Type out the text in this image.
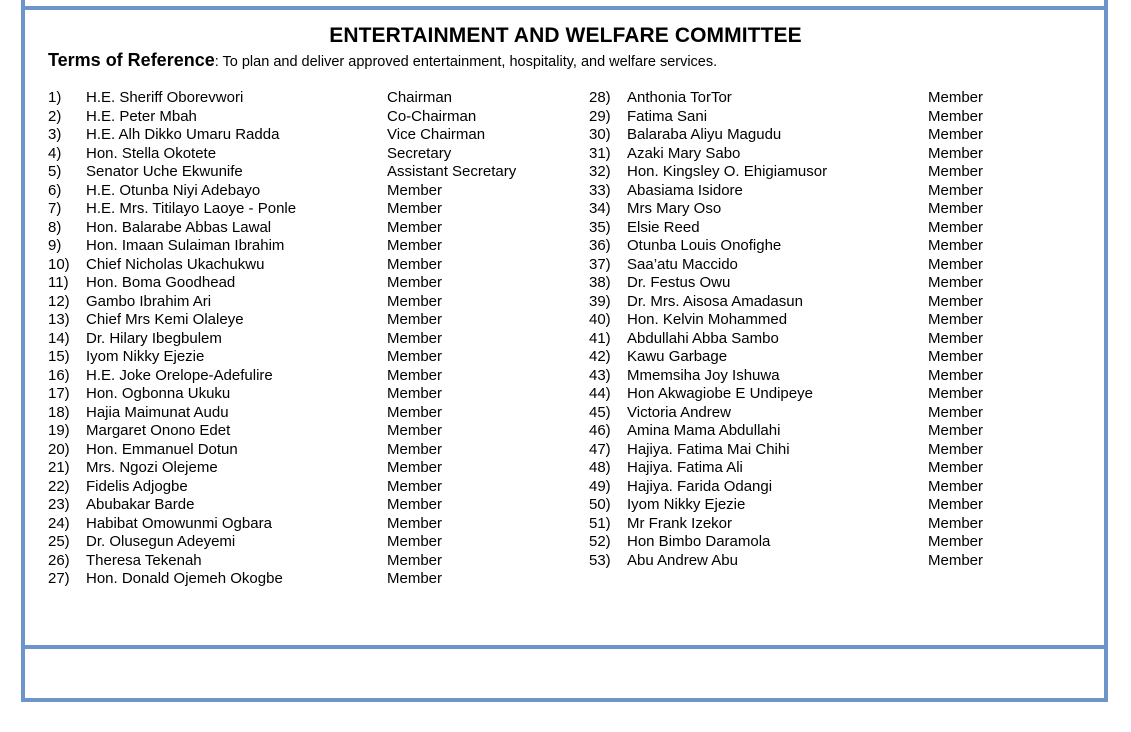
ENTERTAINMENT AND WELFARE COMMITTEE
Terms of Reference: To plan and deliver approved entertainment, hospitality, and welfare services.
1) H.E. Sheriff Oborevwori	Chairman
2) H.E. Peter Mbah	Co-Chairman
3) H.E. Alh Dikko Umaru Radda	Vice Chairman
4) Hon. Stella Okotete	Secretary
5) Senator Uche Ekwunife	Assistant Secretary
6) H.E. Otunba Niyi Adebayo	Member
7) H.E. Mrs. Titilayo Laoye - Ponle	Member
8) Hon. Balarabe Abbas Lawal	Member
9) Hon. Imaan Sulaiman Ibrahim	Member
10) Chief Nicholas Ukachukwu	Member
11) Hon. Boma Goodhead	Member
12) Gambo Ibrahim Ari	Member
13) Chief Mrs Kemi Olaleye	Member
14) Dr. Hilary Ibegbulem	Member
15) Iyom Nikky Ejezie	Member
16) H.E. Joke Orelope-Adefulire	Member
17) Hon. Ogbonna Ukuku	Member
18) Hajia Maimunat Audu	Member
19) Margaret Onono Edet	Member
20) Hon. Emmanuel Dotun	Member
21) Mrs. Ngozi Olejeme	Member
22) Fidelis Adjogbe	Member
23) Abubakar Barde	Member
24) Habibat Omowunmi Ogbara	Member
25) Dr. Olusegun Adeyemi	Member
26) Theresa Tekenah	Member
27) Hon. Donald Ojemeh Okogbe	Member
28) Anthonia TorTor	Member
29) Fatima Sani	Member
30) Balaraba Aliyu Magudu	Member
31) Azaki Mary Sabo	Member
32) Hon. Kingsley O. Ehigiamusor	Member
33) Abasiama Isidore	Member
34) Mrs Mary Oso	Member
35) Elsie Reed	Member
36) Otunba Louis Onofighe	Member
37) Saa’atu Maccido	Member
38) Dr. Festus Owu	Member
39) Dr. Mrs. Aisosa Amadasun	Member
40) Hon. Kelvin Mohammed	Member
41) Abdullahi Abba Sambo	Member
42) Kawu Garbage	Member
43) Mmemsiha Joy Ishuwa	Member
44) Hon Akwagiobe E Undipeye	Member
45) Victoria Andrew	Member
46) Amina Mama Abdullahi	Member
47) Hajiya. Fatima Mai Chihi	Member
48) Hajiya. Fatima Ali	Member
49) Hajiya. Farida Odangi	Member
50) Iyom Nikky Ejezie	Member
51) Mr Frank Izekor	Member
52) Hon Bimbo Daramola	Member
53) Abu Andrew Abu	Member
